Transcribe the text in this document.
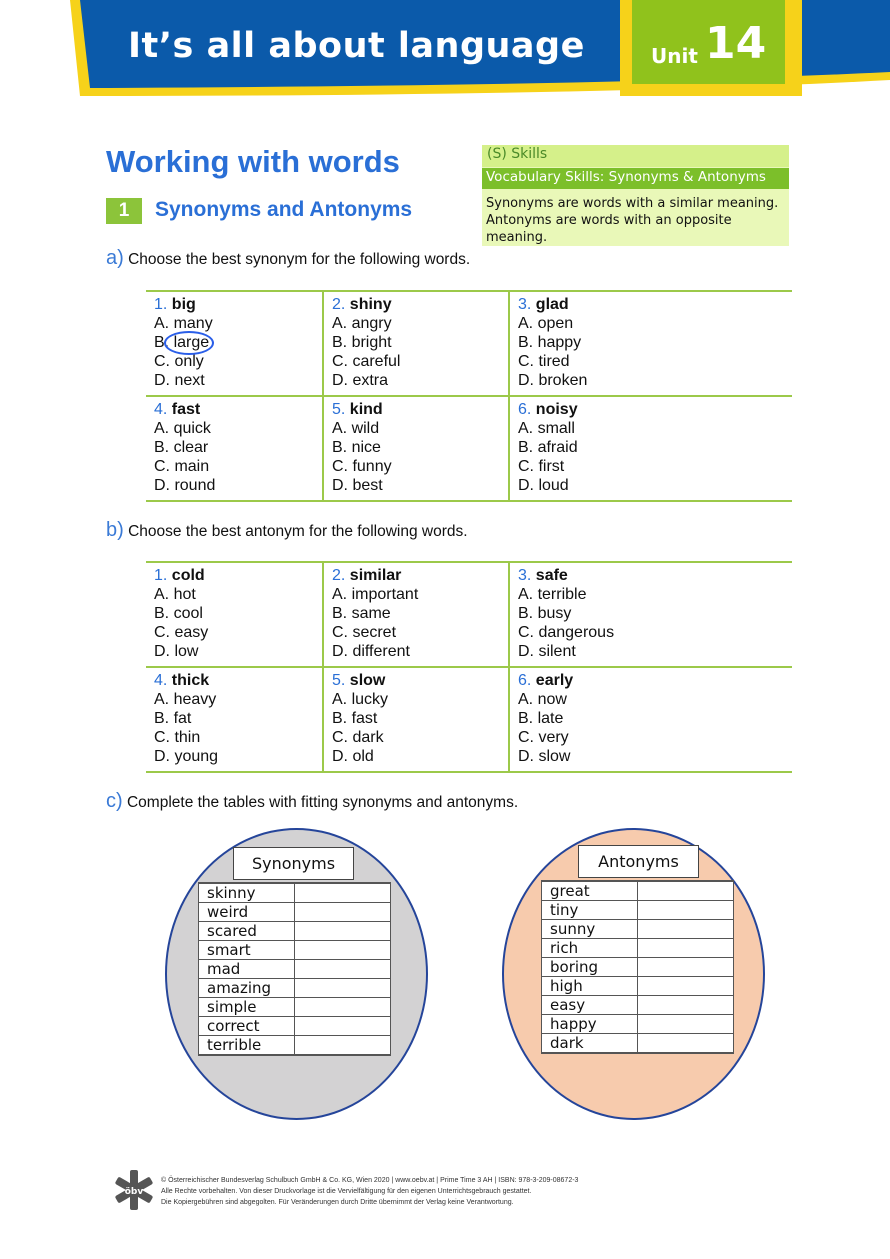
It’s all about language	Unit 14
Working with words
1	Synonyms and Antonyms
(S) Skills
Vocabulary Skills: Synonyms & Antonyms
Synonyms are words with a similar meaning. Antonyms are words with an opposite meaning.
a) Choose the best synonym for the following words.
1. big
A. many
B. large
C. only
D. next	2. shiny
A. angry
B. bright
C. careful
D. extra	3. glad
A. open
B. happy
C. tired
D. broken

4. fast
A. quick
B. clear
C. main
D. round	5. kind
A. wild
B. nice
C. funny
D. best	6. noisy
A. small
B. afraid
C. first
D. loud
b) Choose the best antonym for the following words.
1. cold
A. hot
B. cool
C. easy
D. low	2. similar
A. important
B. same
C. secret
D. different	3. safe
A. terrible
B. busy
C. dangerous
D. silent

4. thick
A. heavy
B. fat
C. thin
D. young	5. slow
A. lucky
B. fast
C. dark
D. old	6. early
A. now
B. late
C. very
D. slow
c) Complete the tables with fitting synonyms and antonyms.
Synonyms	Antonyms
skinny
weird
scared
smart
mad
amazing
simple
correct
terrible
great
tiny
sunny
rich
boring
high
easy
happy
dark
öbv
© Österreichischer Bundesverlag Schulbuch GmbH & Co. KG, Wien 2020 | www.oebv.at | Prime Time 3 AH | ISBN: 978-3-209-08672-3
Alle Rechte vorbehalten. Von dieser Druckvorlage ist die Vervielfältigung für den eigenen Unterrichtsgebrauch gestattet.
Die Kopiergebühren sind abgegolten. Für Veränderungen durch Dritte übernimmt der Verlag keine Verantwortung.
